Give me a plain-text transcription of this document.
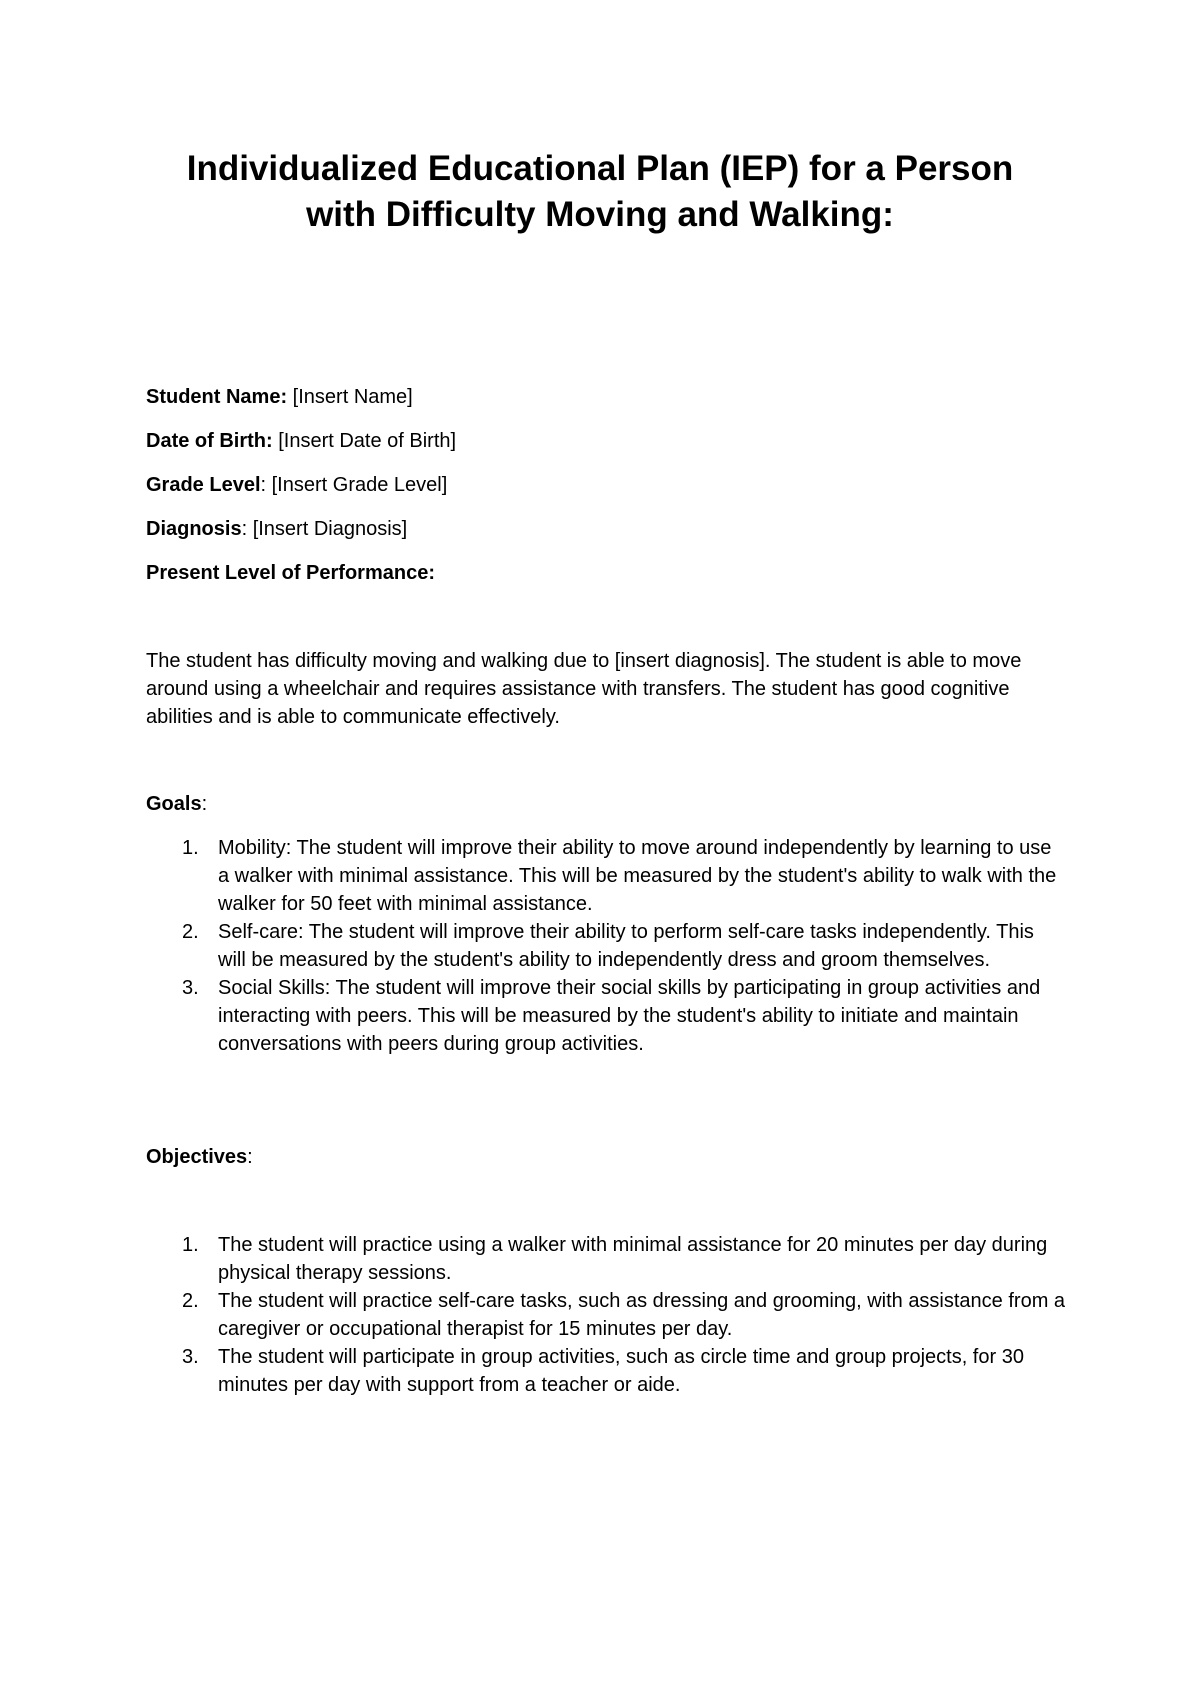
Individualized Educational Plan (IEP) for a Person
with Difficulty Moving and Walking:

Student Name: [Insert Name]

Date of Birth: [Insert Date of Birth]

Grade Level: [Insert Grade Level]

Diagnosis: [Insert Diagnosis]

Present Level of Performance:

The student has difficulty moving and walking due to [insert diagnosis]. The student is able to move around using a wheelchair and requires assistance with transfers. The student has good cognitive abilities and is able to communicate effectively.

Goals:

1. Mobility: The student will improve their ability to move around independently by learning to use a walker with minimal assistance. This will be measured by the student's ability to walk with the walker for 50 feet with minimal assistance.
2. Self-care: The student will improve their ability to perform self-care tasks independently. This will be measured by the student's ability to independently dress and groom themselves.
3. Social Skills: The student will improve their social skills by participating in group activities and interacting with peers. This will be measured by the student's ability to initiate and maintain conversations with peers during group activities.

Objectives:

1. The student will practice using a walker with minimal assistance for 20 minutes per day during physical therapy sessions.
2. The student will practice self-care tasks, such as dressing and grooming, with assistance from a caregiver or occupational therapist for 15 minutes per day.
3. The student will participate in group activities, such as circle time and group projects, for 30 minutes per day with support from a teacher or aide.
